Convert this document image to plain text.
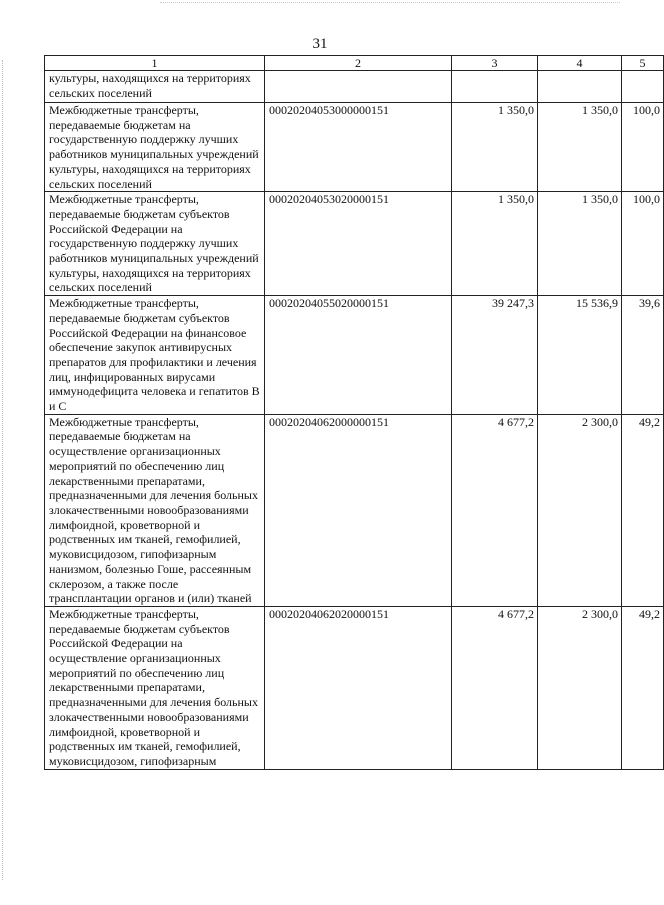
31
1	2	3	4	5
культуры, находящихся на территориях сельских поселений				
Межбюджетные трансферты, передаваемые бюджетам на государственную поддержку лучших работников муниципальных учреждений культуры, находящихся на территориях сельских поселений	00020204053000000151	1 350,0	1 350,0	100,0
Межбюджетные трансферты, передаваемые бюджетам субъектов Российской Федерации на государственную поддержку лучших работников муниципальных учреждений культуры, находящихся на территориях сельских поселений	00020204053020000151	1 350,0	1 350,0	100,0
Межбюджетные трансферты, передаваемые бюджетам субъектов Российской Федерации на финансовое обеспечение закупок антивирусных препаратов для профилактики и лечения лиц, инфицированных вирусами иммунодефицита человека и гепатитов B и C	00020204055020000151	39 247,3	15 536,9	39,6
Межбюджетные трансферты, передаваемые бюджетам на осуществление организационных мероприятий по обеспечению лиц лекарственными препаратами, предназначенными для лечения больных злокачественными новообразованиями лимфоидной, кроветворной и родственных им тканей, гемофилией, муковисцидозом, гипофизарным нанизмом, болезнью Гоше, рассеянным склерозом, а также после трансплантации органов и (или) тканей	00020204062000000151	4 677,2	2 300,0	49,2
Межбюджетные трансферты, передаваемые бюджетам субъектов Российской Федерации на осуществление организационных мероприятий по обеспечению лиц лекарственными препаратами, предназначенными для лечения больных злокачественными новообразованиями лимфоидной, кроветворной и родственных им тканей, гемофилией, муковисцидозом, гипофизарным	00020204062020000151	4 677,2	2 300,0	49,2
